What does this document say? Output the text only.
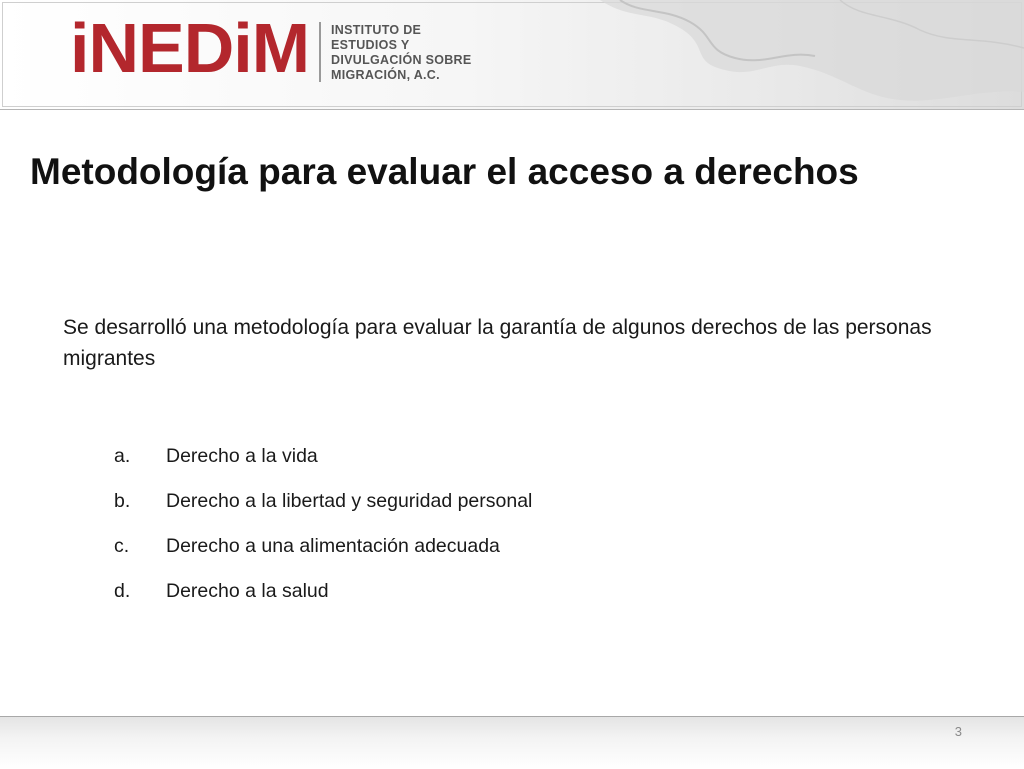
iNEDiM INSTITUTO DE
ESTUDIOS Y
DIVULGACIÓN SOBRE
MIGRACIÓN, A.C.
Metodología para evaluar el acceso a derechos
Se desarrolló una metodología para evaluar la garantía de algunos derechos de las personas migrantes
a.	Derecho a la vida
b.	Derecho a la libertad y seguridad personal
c.	Derecho a una alimentación adecuada
d.	Derecho a la salud
3
